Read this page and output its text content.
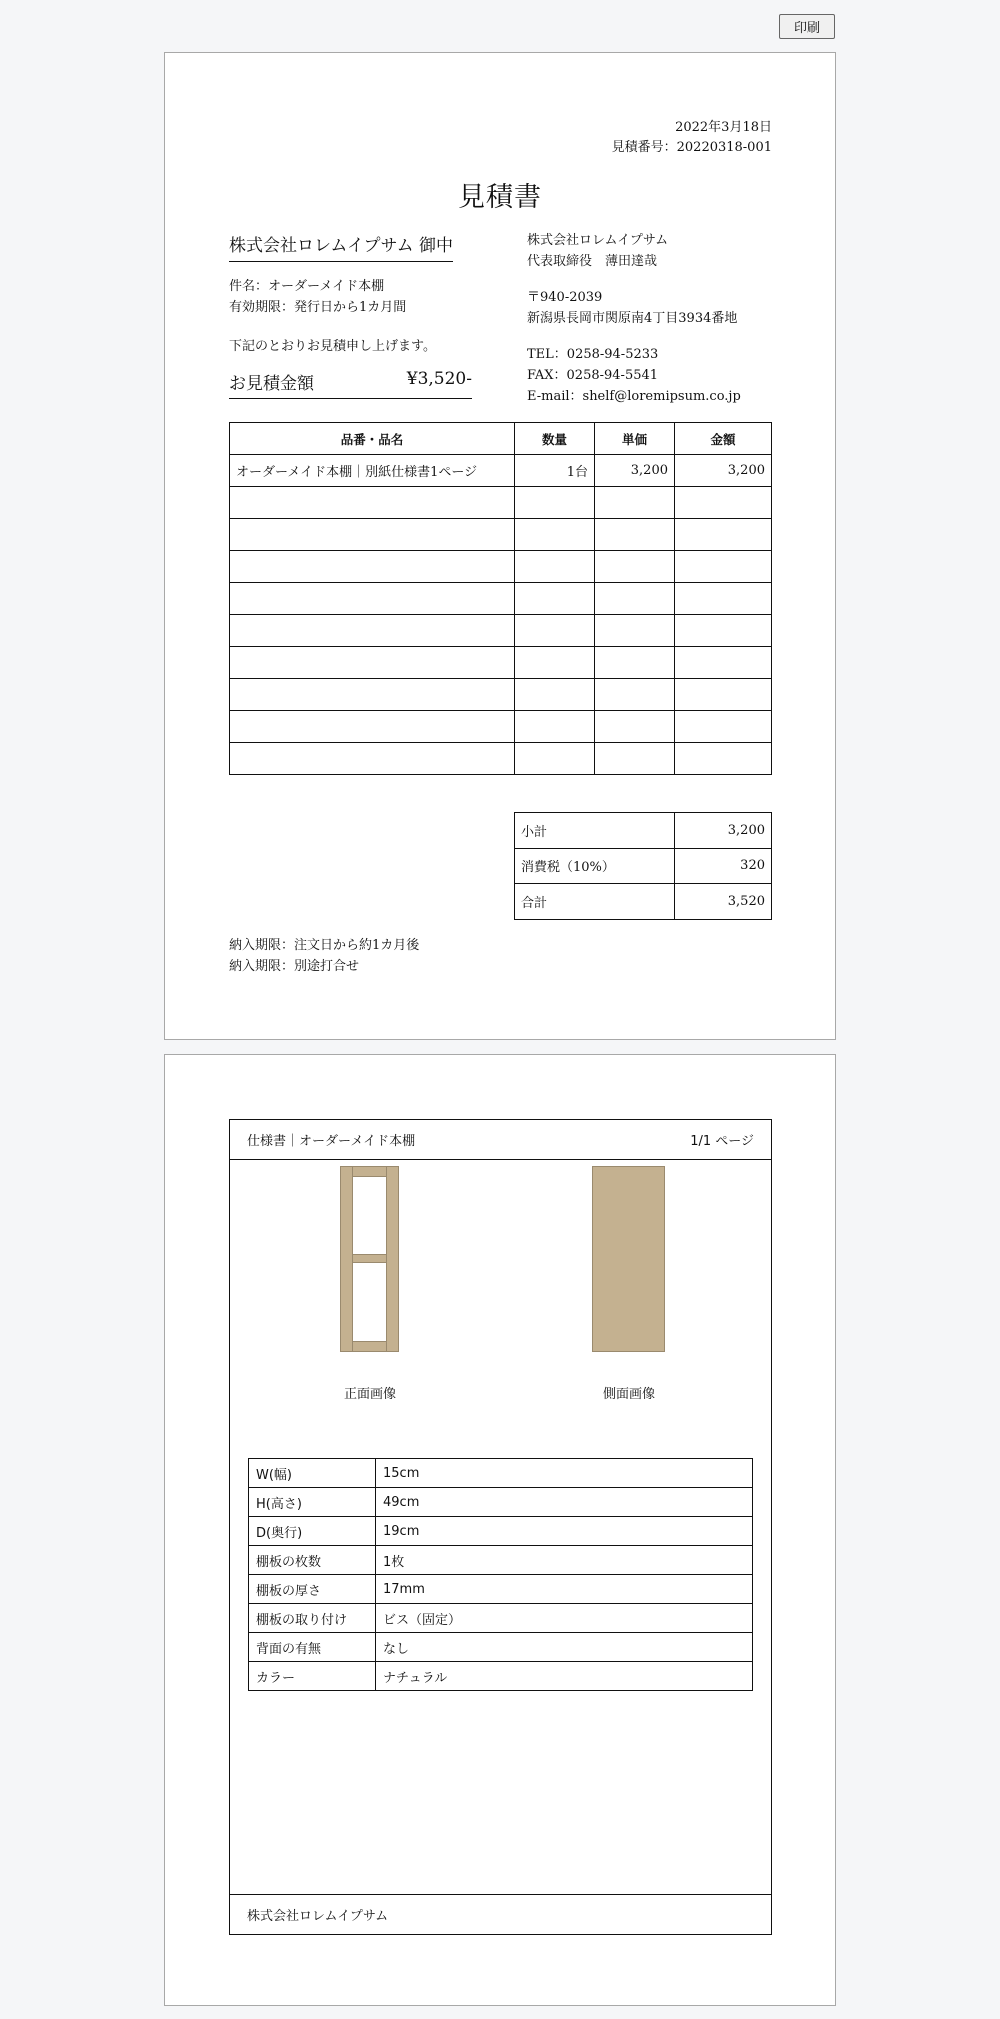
印刷
2022年3月18日
見積番号：20220318-001
見積書
株式会社ロレムイプサム 御中	株式会社ロレムイプサム

代表取締役　薄田達哉

〒940-2039

新潟県長岡市関原南4丁目3934番地

TEL：0258-94-5233

FAX：0258-94-5541

E-mail：shelf@loremipsum.co.jp

件名：オーダーメイド本棚

有効期限：発行日から1カ月間

下記のとおりお見積申し上げます。
お見積金額	¥3,520-
品番・品名	数量	単価	金額
オーダーメイド本棚｜別紙仕様書1ページ	1台	3,200	3,200

小計	3,200
消費税（10%）	320
合計	3,520

納入期限：注文日から約1カ月後

納入期限：別途打合せ

仕様書｜オーダーメイド本棚	1/1 ページ
正面画像	側面画像
W(幅)	15cm
H(高さ)	49cm
D(奥行)	19cm
棚板の枚数	1枚
棚板の厚さ	17mm
棚板の取り付け	ビス（固定）
背面の有無	なし
カラー	ナチュラル
株式会社ロレムイプサム
